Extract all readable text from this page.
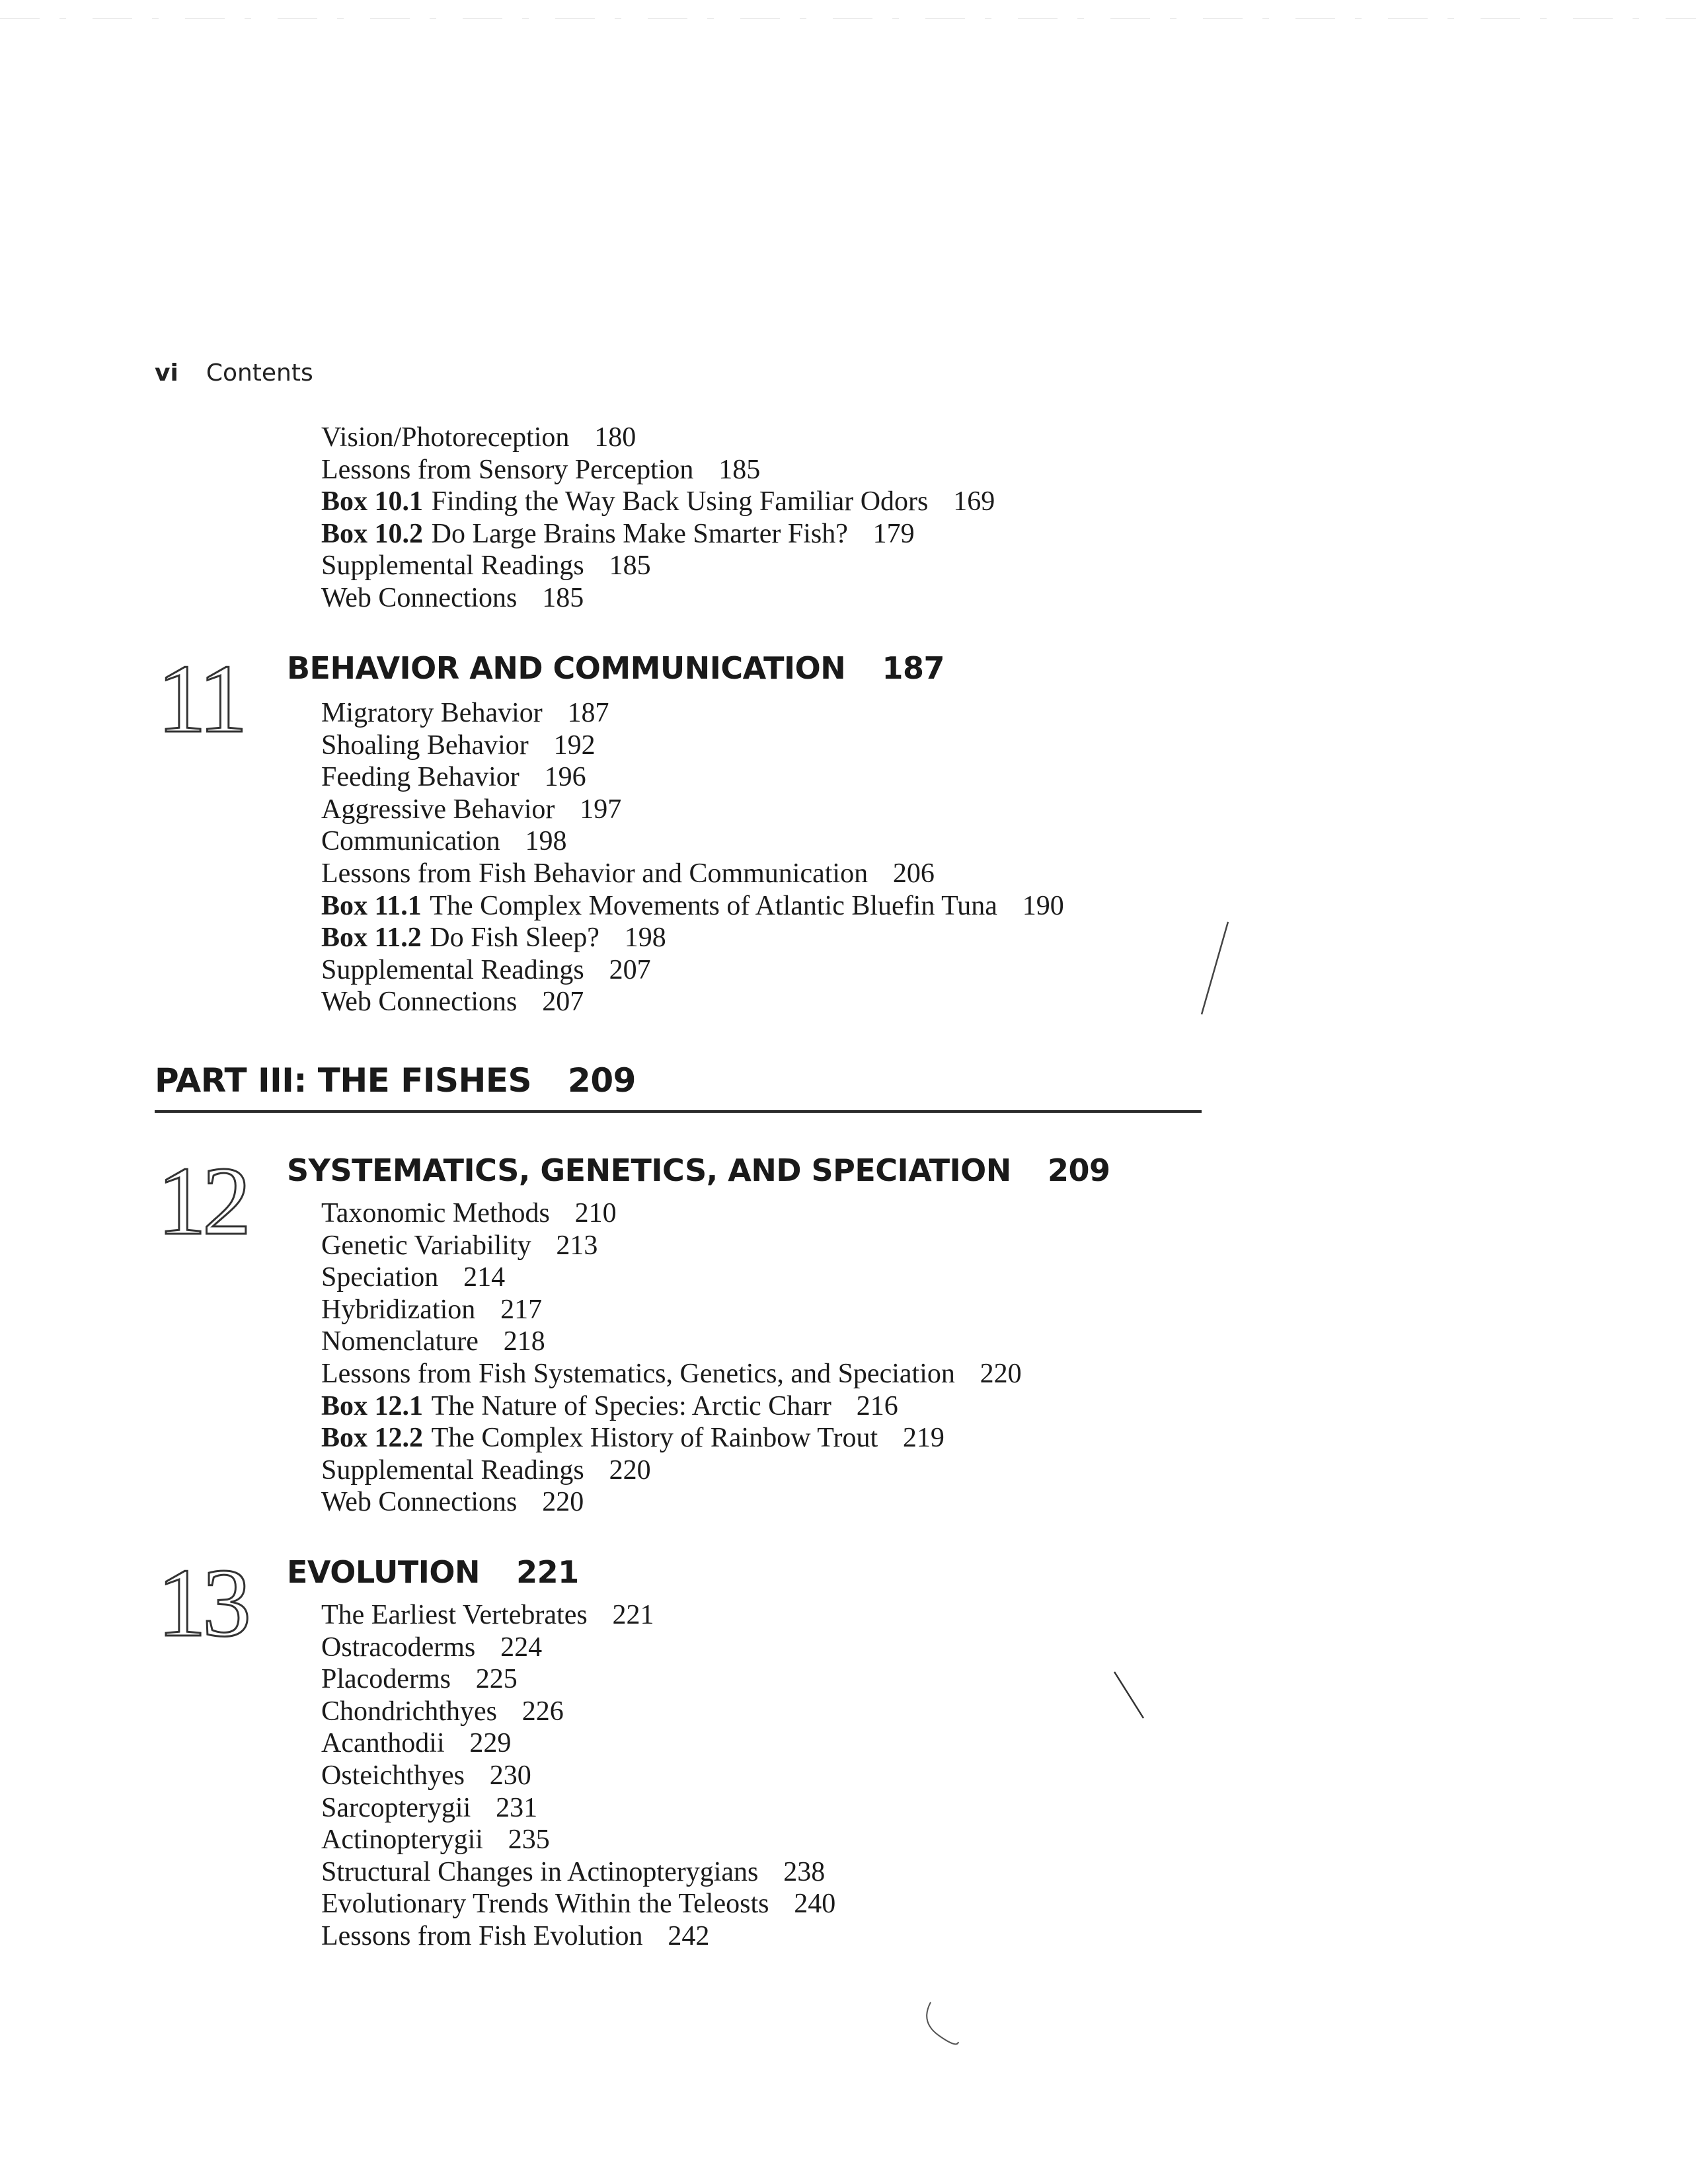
vi Contents
Vision/Photoreception 180
Lessons from Sensory Perception 185
Box 10.1 Finding the Way Back Using Familiar Odors 169
Box 10.2 Do Large Brains Make Smarter Fish? 179
Supplemental Readings 185
Web Connections 185
11 BEHAVIOR AND COMMUNICATION 187
Migratory Behavior 187
Shoaling Behavior 192
Feeding Behavior 196
Aggressive Behavior 197
Communication 198
Lessons from Fish Behavior and Communication 206
Box 11.1 The Complex Movements of Atlantic Bluefin Tuna 190
Box 11.2 Do Fish Sleep? 198
Supplemental Readings 207
Web Connections 207
PART III: THE FISHES 209
12 SYSTEMATICS, GENETICS, AND SPECIATION 209
Taxonomic Methods 210
Genetic Variability 213
Speciation 214
Hybridization 217
Nomenclature 218
Lessons from Fish Systematics, Genetics, and Speciation 220
Box 12.1 The Nature of Species: Arctic Charr 216
Box 12.2 The Complex History of Rainbow Trout 219
Supplemental Readings 220
Web Connections 220
13 EVOLUTION 221
The Earliest Vertebrates 221
Ostracoderms 224
Placoderms 225
Chondrichthyes 226
Acanthodii 229
Osteichthyes 230
Sarcopterygii 231
Actinopterygii 235
Structural Changes in Actinopterygians 238
Evolutionary Trends Within the Teleosts 240
Lessons from Fish Evolution 242
